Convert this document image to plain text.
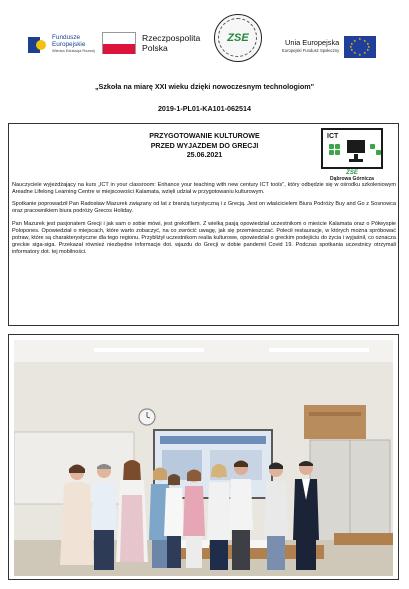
Fundusze
Europejskie
Wiedza Edukacja Rozwój
Rzeczpospolita
Polska
ZSE	Unia Europejska
Europejski Fundusz Społeczny
★ ★
★
★
★
★
★
★
★
★
★
★
„Szkoła na miarę XXI wieku dzięki nowoczesnym technologiom"
2019-1-PL01-KA101-062514
PRZYGOTOWANIE KULTUROWE
PRZED WYJAZDEM DO GRECJI
25.06.2021
ICT
ZSE
Dąbrowa Górnicza

Nauczyciele wyjeżdżający na kurs „ICT in your classroom: Enhance your teaching with new century ICT tools", który odbędzie się w ośrodku szkoleniowym Areadne Lifelong Learning Centre w miejscowości Kalamata, wzięli udział w przygotowaniu kulturowym.

Spotkanie poprowadził Pan Radosław Mazurek związany od lat z branżą turystyczną i z Grecją. Jest on właścicielem Biura Podróży Buy and Go z Sosnowca oraz pracownikiem biura podróży Grecos Holiday.

Pan Mazurek jest pasjonatem Grecji i jak sam o sobie mówi, jest grekofilem. Z wielką pasją opowiedział uczestnikom o mieście Kalamata oraz o Półwyspie Polopones. Opowiedział o miejscach, które warto zobaczyć, na co zwrócić uwagę, jak się przemieszczać. Polecił restauracje, w których można spróbować potraw, które są charakterystyczne dla tego regionu. Przybliżył uczestnikom realia kulturowe, opowiedział o greckim podejściu do życia i wyjaśnił, co oznacza greckie siga-siga. Przekazał również niezbędne informacje dot. wjazdu do Grecji w dobie pandemii Covid 19. Podczas spotkania uczestnicy otrzymali informatory dot. tej mobilności.
